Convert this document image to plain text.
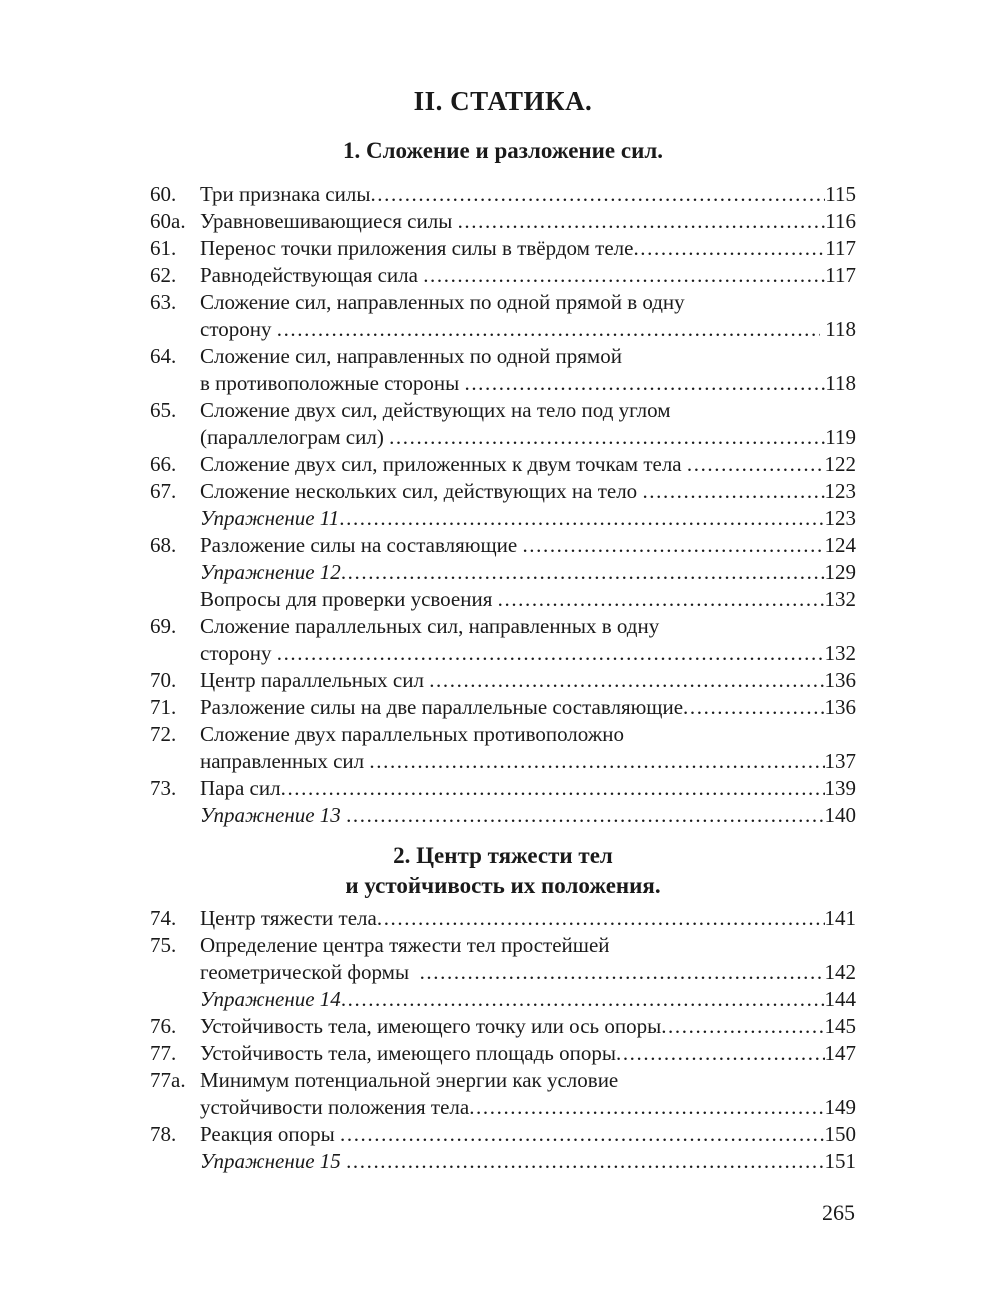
II. СТАТИКА.
1. Сложение и разложение сил.
60.	Три признака силы .....	115
60а. Уравновешивающиеся силы .....	116
61.	Перенос точки приложения силы в твёрдом теле .....	117
62.	Равнодействующая сила .....	117
63.	Сложение сил, направленных по одной прямой в одну
сторону .....	118
64.	Сложение сил, направленных по одной прямой
в противоположные стороны .....	118
65.	Сложение двух сил, действующих на тело под углом
(параллелограм сил) .....	119
66.	Сложение двух сил, приложенных к двум точкам тела .....	122
67.	Сложение нескольких сил, действующих на тело .....	123
Упражнение 11 .....	123
68.	Разложение силы на составляющие .....	124
Упражнение 12 .....	129
Вопросы для проверки усвоения .....	132
69.	Сложение параллельных сил, направленных в одну
сторону .....	132
70.	Центр параллельных сил .....	136
71.	Разложение силы на две параллельные составляющие .....	136
72.	Сложение двух параллельных противоположно
направленных сил .....	137
73.	Пара сил .....	139
Упражнение 13 .....	140
2. Центр тяжести тел
и устойчивость их положения.
74.	Центр тяжести тела .....	141
75.	Определение центра тяжести тел простейшей
геометрической формы .....	142
Упражнение 14 .....	144
76.	Устойчивость тела, имеющего точку или ось опоры .....	145
77.	Устойчивость тела, имеющего площадь опоры .....	147
77а. Минимум потенциальной энергии как условие
устойчивости положения тела .....	149
78.	Реакция опоры .....	150
Упражнение 15 .....	151
265
